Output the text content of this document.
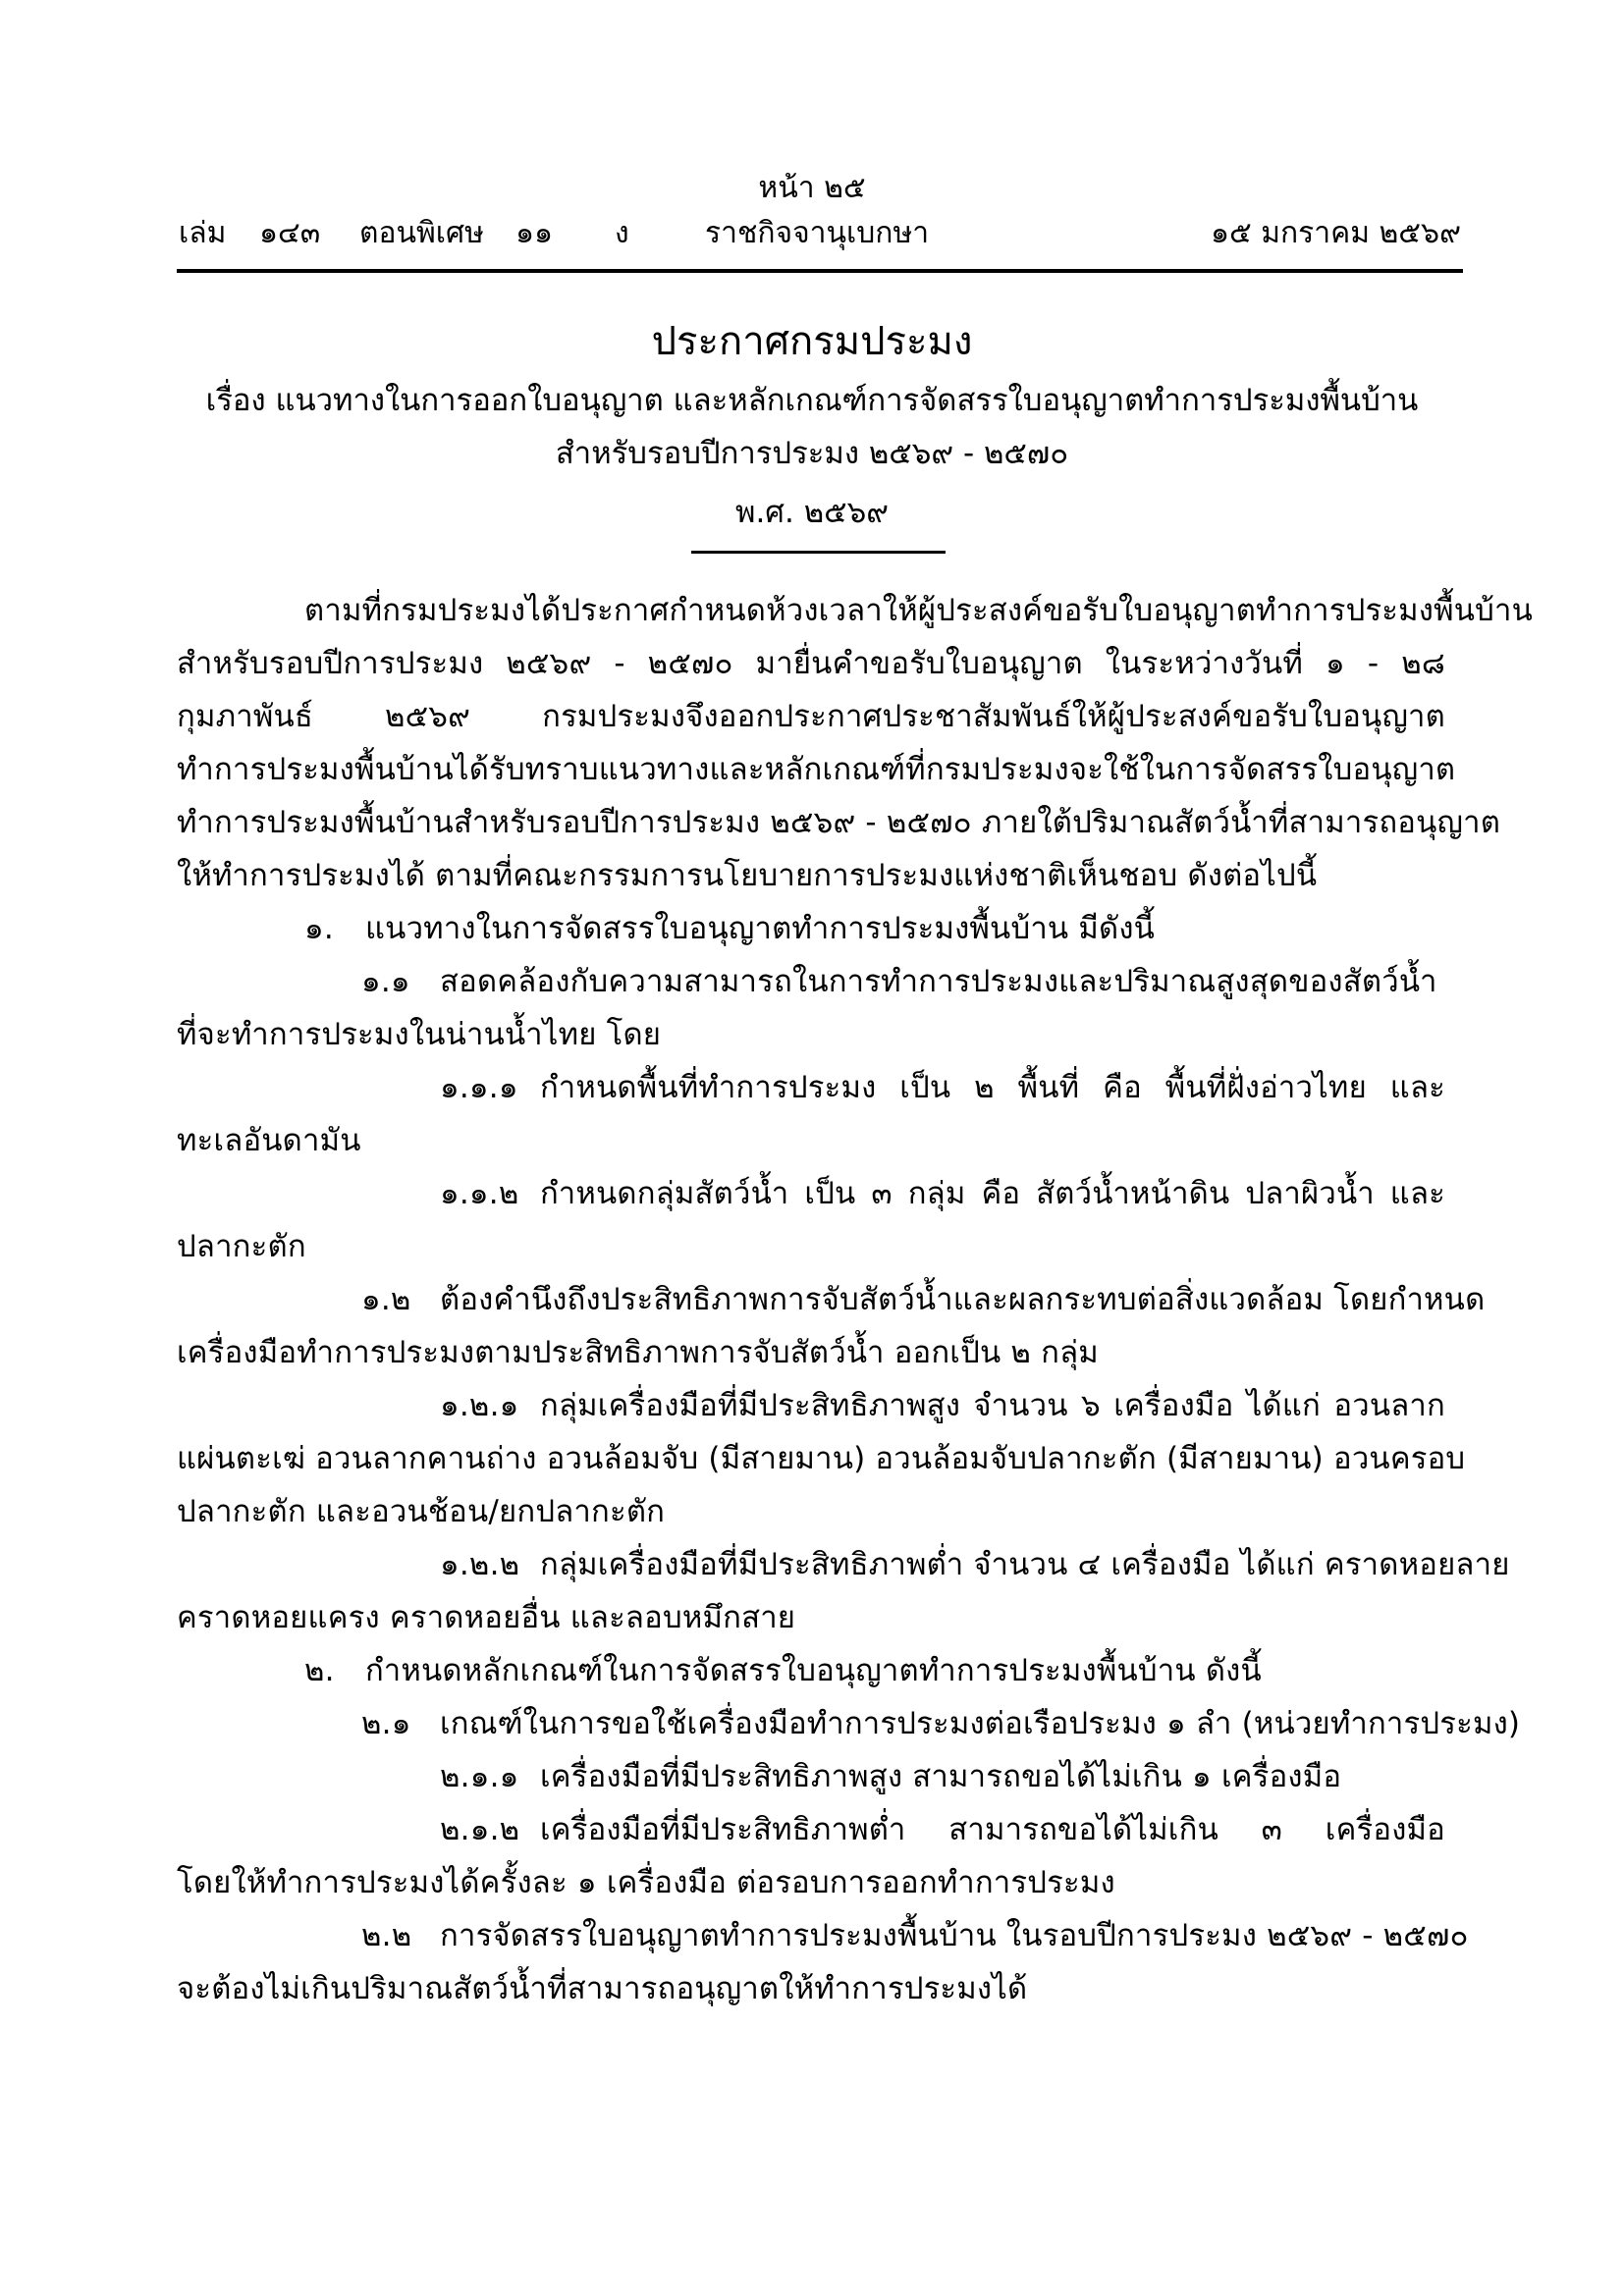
หน้า ๒๕
เล่ม ๑๔๓ ตอนพิเศษ ๑๑ ง	ราชกิจจานุเบกษา	๑๕ มกราคม ๒๕๖๙
ประกาศกรมประมง
เรื่อง แนวทางในการออกใบอนุญาต และหลักเกณฑ์การจัดสรรใบอนุญาตทำการประมงพื้นบ้าน
สำหรับรอบปีการประมง ๒๕๖๙ - ๒๕๗๐
พ.ศ. ๒๕๖๙
ตามที่กรมประมงได้ประกาศกำหนดห้วงเวลาให้ผู้ประสงค์ขอรับใบอนุญาตทำการประมงพื้นบ้าน
สำหรับรอบปีการประมง ๒๕๖๙ - ๒๕๗๐ มายื่นคำขอรับใบอนุญาต ในระหว่างวันที่ ๑ - ๒๘
กุมภาพันธ์ ๒๕๖๙ กรมประมงจึงออกประกาศประชาสัมพันธ์ให้ผู้ประสงค์ขอรับใบอนุญาต
ทำการประมงพื้นบ้านได้รับทราบแนวทางและหลักเกณฑ์ที่กรมประมงจะใช้ในการจัดสรรใบอนุญาต
ทำการประมงพื้นบ้านสำหรับรอบปีการประมง ๒๕๖๙ - ๒๕๗๐ ภายใต้ปริมาณสัตว์น้ำที่สามารถอนุญาต
ให้ทำการประมงได้ ตามที่คณะกรรมการนโยบายการประมงแห่งชาติเห็นชอบ ดังต่อไปนี้
๑. แนวทางในการจัดสรรใบอนุญาตทำการประมงพื้นบ้าน มีดังนี้
๑.๑ สอดคล้องกับความสามารถในการทำการประมงและปริมาณสูงสุดของสัตว์น้ำ
ที่จะทำการประมงในน่านน้ำไทย โดย
๑.๑.๑ กำหนดพื้นที่ทำการประมง เป็น ๒ พื้นที่ คือ พื้นที่ฝั่งอ่าวไทย และ
ทะเลอันดามัน
๑.๑.๒ กำหนดกลุ่มสัตว์น้ำ เป็น ๓ กลุ่ม คือ สัตว์น้ำหน้าดิน ปลาผิวน้ำ และ
ปลากะตัก
๑.๒ ต้องคำนึงถึงประสิทธิภาพการจับสัตว์น้ำและผลกระทบต่อสิ่งแวดล้อม โดยกำหนด
เครื่องมือทำการประมงตามประสิทธิภาพการจับสัตว์น้ำ ออกเป็น ๒ กลุ่ม
๑.๒.๑ กลุ่มเครื่องมือที่มีประสิทธิภาพสูง จำนวน ๖ เครื่องมือ ได้แก่ อวนลาก
แผ่นตะเฆ่ อวนลากคานถ่าง อวนล้อมจับ (มีสายมาน) อวนล้อมจับปลากะตัก (มีสายมาน) อวนครอบ
ปลากะตัก และอวนช้อน/ยกปลากะตัก
๑.๒.๒ กลุ่มเครื่องมือที่มีประสิทธิภาพต่ำ จำนวน ๔ เครื่องมือ ได้แก่ คราดหอยลาย
คราดหอยแครง คราดหอยอื่น และลอบหมึกสาย
๒. กำหนดหลักเกณฑ์ในการจัดสรรใบอนุญาตทำการประมงพื้นบ้าน ดังนี้
๒.๑ เกณฑ์ในการขอใช้เครื่องมือทำการประมงต่อเรือประมง ๑ ลำ (หน่วยทำการประมง)
๒.๑.๑ เครื่องมือที่มีประสิทธิภาพสูง สามารถขอได้ไม่เกิน ๑ เครื่องมือ
๒.๑.๒ เครื่องมือที่มีประสิทธิภาพต่ำ สามารถขอได้ไม่เกิน ๓ เครื่องมือ
โดยให้ทำการประมงได้ครั้งละ ๑ เครื่องมือ ต่อรอบการออกทำการประมง
๒.๒ การจัดสรรใบอนุญาตทำการประมงพื้นบ้าน ในรอบปีการประมง ๒๕๖๙ - ๒๕๗๐
จะต้องไม่เกินปริมาณสัตว์น้ำที่สามารถอนุญาตให้ทำการประมงได้
